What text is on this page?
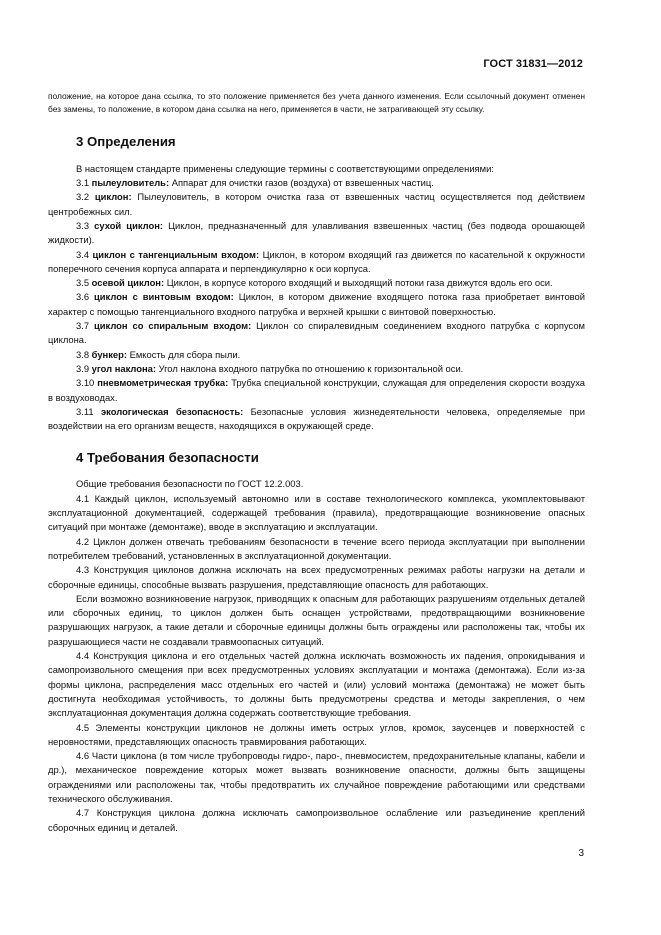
ГОСТ 31831—2012

положение, на которое дана ссылка, то это положение применяется без учета данного изменения. Если ссылочный документ отменен без замены, то положение, в котором дана ссылка на него, применяется в части, не затрагивающей эту ссылку.

3 Определения

В настоящем стандарте применены следующие термины с соответствующими определениями:

3.1 пылеуловитель: Аппарат для очистки газов (воздуха) от взвешенных частиц.

3.2 циклон: Пылеуловитель, в котором очистка газа от взвешенных частиц осуществляется под действием центробежных сил.

3.3 сухой циклон: Циклон, предназначенный для улавливания взвешенных частиц (без подвода орошающей жидкости).

3.4 циклон с тангенциальным входом: Циклон, в котором входящий газ движется по касательной к окружности поперечного сечения корпуса аппарата и перпендикулярно к оси корпуса.

3.5 осевой циклон: Циклон, в корпусе которого входящий и выходящий потоки газа движутся вдоль его оси.

3.6 циклон с винтовым входом: Циклон, в котором движение входящего потока газа приобретает винтовой характер с помощью тангенциального входного патрубка и верхней крышки с винтовой поверхностью.

3.7 циклон со спиральным входом: Циклон со спиралевидным соединением входного патрубка с корпусом циклона.

3.8 бункер: Емкость для сбора пыли.

3.9 угол наклона: Угол наклона входного патрубка по отношению к горизонтальной оси.

3.10 пневмометрическая трубка: Трубка специальной конструкции, служащая для определения скорости воздуха в воздуховодах.

3.11 экологическая безопасность: Безопасные условия жизнедеятельности человека, определяемые при воздействии на его организм веществ, находящихся в окружающей среде.

4 Требования безопасности

Общие требования безопасности по ГОСТ 12.2.003.

4.1 Каждый циклон, используемый автономно или в составе технологического комплекса, укомплектовывают эксплуатационной документацией, содержащей требования (правила), предотвращающие возникновение опасных ситуаций при монтаже (демонтаже), вводе в эксплуатацию и эксплуатации.

4.2 Циклон должен отвечать требованиям безопасности в течение всего периода эксплуатации при выполнении потребителем требований, установленных в эксплуатационной документации.

4.3 Конструкция циклонов должна исключать на всех предусмотренных режимах работы нагрузки на детали и сборочные единицы, способные вызвать разрушения, представляющие опасность для работающих.

Если возможно возникновение нагрузок, приводящих к опасным для работающих разрушениям отдельных деталей или сборочных единиц, то циклон должен быть оснащен устройствами, предотвращающими возникновение разрушающих нагрузок, а такие детали и сборочные единицы должны быть ограждены или расположены так, чтобы их разрушающиеся части не создавали травмоопасных ситуаций.

4.4 Конструкция циклона и его отдельных частей должна исключать возможность их падения, опрокидывания и самопроизвольного смещения при всех предусмотренных условиях эксплуатации и монтажа (демонтажа). Если из-за формы циклона, распределения масс отдельных его частей и (или) условий монтажа (демонтажа) не может быть достигнута необходимая устойчивость, то должны быть предусмотрены средства и методы закрепления, о чем эксплуатационная документация должна содержать соответствующие требования.

4.5 Элементы конструкции циклонов не должны иметь острых углов, кромок, заусенцев и поверхностей с неровностями, представляющих опасность травмирования работающих.

4.6 Части циклона (в том числе трубопроводы гидро-, паро-, пневмосистем, предохранительные клапаны, кабели и др.), механическое повреждение которых может вызвать возникновение опасности, должны быть защищены ограждениями или расположены так, чтобы предотвратить их случайное повреждение работающими или средствами технического обслуживания.

4.7 Конструкция циклона должна исключать самопроизвольное ослабление или разъединение креплений сборочных единиц и деталей.

3
